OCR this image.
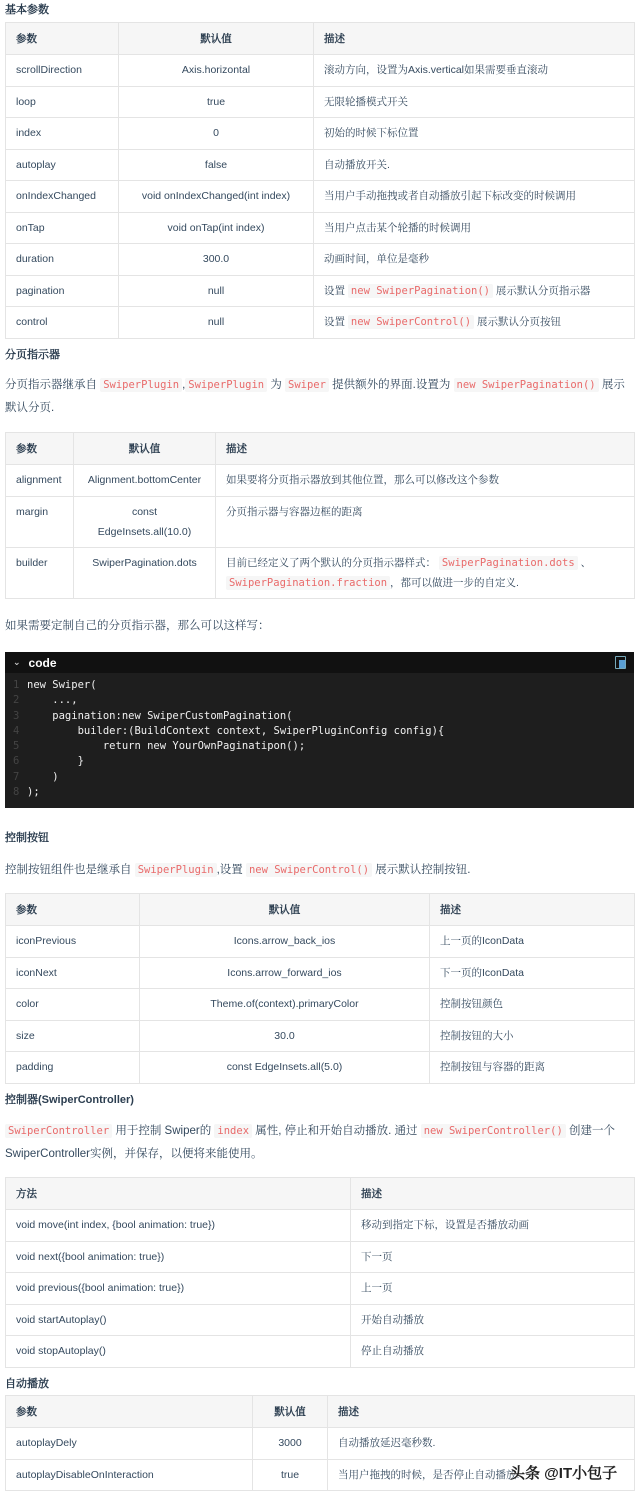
基本参数
参数	默认值	描述
scrollDirection	Axis.horizontal	滚动方向，设置为Axis.vertical如果需要垂直滚动
loop	true	无限轮播模式开关
index	0	初始的时候下标位置
autoplay	false	自动播放开关.
onIndexChanged	void onIndexChanged(int index)	当用户手动拖拽或者自动播放引起下标改变的时候调用
onTap	void onTap(int index)	当用户点击某个轮播的时候调用
duration	300.0	动画时间，单位是毫秒
pagination	null	设置 new SwiperPagination() 展示默认分页指示器
control	null	设置 new SwiperControl() 展示默认分页按钮
分页指示器

分页指示器继承自 SwiperPlugin , SwiperPlugin 为 Swiper 提供额外的界面.设置为 new SwiperPagination() 展示默认分页.

参数	默认值	描述
alignment	Alignment.bottomCenter	如果要将分页指示器放到其他位置，那么可以修改这个参数
margin	const EdgeInsets.all(10.0)	分页指示器与容器边框的距离
builder	SwiperPagination.dots	目前已经定义了两个默认的分页指示器样式： SwiperPagination.dots 、 SwiperPagination.fraction ，都可以做进一步的自定义.

如果需要定制自己的分页指示器，那么可以这样写：

⌄ code
1 new Swiper(
2 ...,
3 pagination:new SwiperCustomPagination(
4 builder:(BuildContext context, SwiperPluginConfig config){
5 return new YourOwnPaginatipon();
6 }
7 )
8 );
控制按钮

控制按钮组件也是继承自 SwiperPlugin ,设置 new SwiperControl() 展示默认控制按钮.

参数	默认值	描述
iconPrevious	Icons.arrow_back_ios	上一页的IconData
iconNext	Icons.arrow_forward_ios	下一页的IconData
color	Theme.of(context).primaryColor	控制按钮颜色
size	30.0	控制按钮的大小
padding	const EdgeInsets.all(5.0)	控制按钮与容器的距离
控制器(SwiperController)

SwiperController 用于控制 Swiper的 index 属性, 停止和开始自动播放. 通过 new SwiperController() 创建一个SwiperController实例，并保存，以便将来能使用。

方法	描述
void move(int index, {bool animation: true})	移动到指定下标，设置是否播放动画
void next({bool animation: true})	下一页
void previous({bool animation: true})	上一页
void startAutoplay()	开始自动播放
void stopAutoplay()	停止自动播放
自动播放
参数	默认值	描述
autoplayDely	3000	自动播放延迟毫秒数.
autoplayDisableOnInteraction	true	当用户拖拽的时候，是否停止自动播放.
头条 @IT小包子
